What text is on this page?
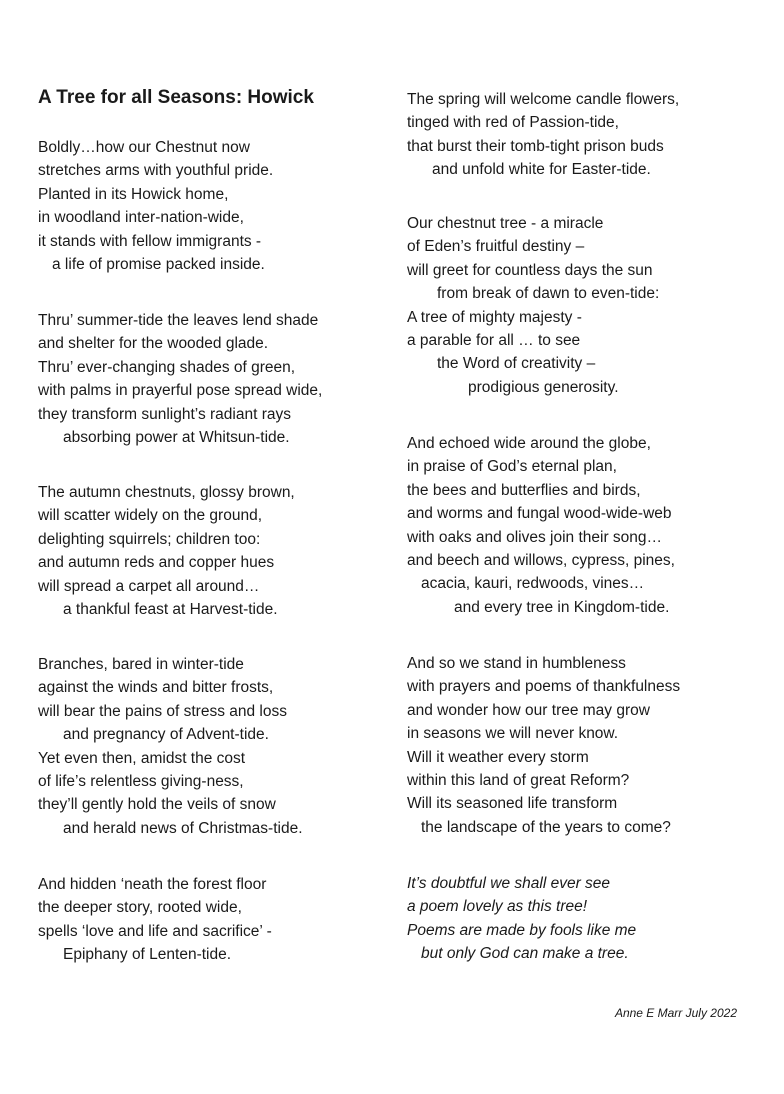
A Tree for all Seasons: Howick
Boldly…how our Chestnut now
stretches arms with youthful pride.
Planted in its Howick home,
in woodland inter-nation-wide,
it stands with fellow immigrants -
a life of promise packed inside.
Thru’ summer-tide the leaves lend shade
and shelter for the wooded glade.
Thru’ ever-changing shades of green,
with palms in prayerful pose spread wide,
they transform sunlight’s radiant rays
absorbing power at Whitsun-tide.
The autumn chestnuts, glossy brown,
will scatter widely on the ground,
delighting squirrels; children too:
and autumn reds and copper hues
will spread a carpet all around…
a thankful feast at Harvest-tide.
Branches, bared in winter-tide
against the winds and bitter frosts,
will bear the pains of stress and loss
and pregnancy of Advent-tide.
Yet even then, amidst the cost
of life’s relentless giving-ness,
they’ll gently hold the veils of snow
and herald news of Christmas-tide.
And hidden ‘neath the forest floor
the deeper story, rooted wide,
spells ‘love and life and sacrifice’ -
Epiphany of Lenten-tide.
The spring will welcome candle flowers,
tinged with red of Passion-tide,
that burst their tomb-tight prison buds
and unfold white for Easter-tide.
Our chestnut tree - a miracle
of Eden’s fruitful destiny –
will greet for countless days the sun
from break of dawn to even-tide:
A tree of mighty majesty -
a parable for all … to see
the Word of creativity –
prodigious generosity.
And echoed wide around the globe,
in praise of God’s eternal plan,
the bees and butterflies and birds,
and worms and fungal wood-wide-web
with oaks and olives join their song…
and beech and willows, cypress, pines,
acacia, kauri, redwoods, vines…
and every tree in Kingdom-tide.
And so we stand in humbleness
with prayers and poems of thankfulness
and wonder how our tree may grow
in seasons we will never know.
Will it weather every storm
within this land of great Reform?
Will its seasoned life transform
the landscape of the years to come?
It’s doubtful we shall ever see
a poem lovely as this tree!
Poems are made by fools like me
but only God can make a tree.
Anne E Marr July 2022
